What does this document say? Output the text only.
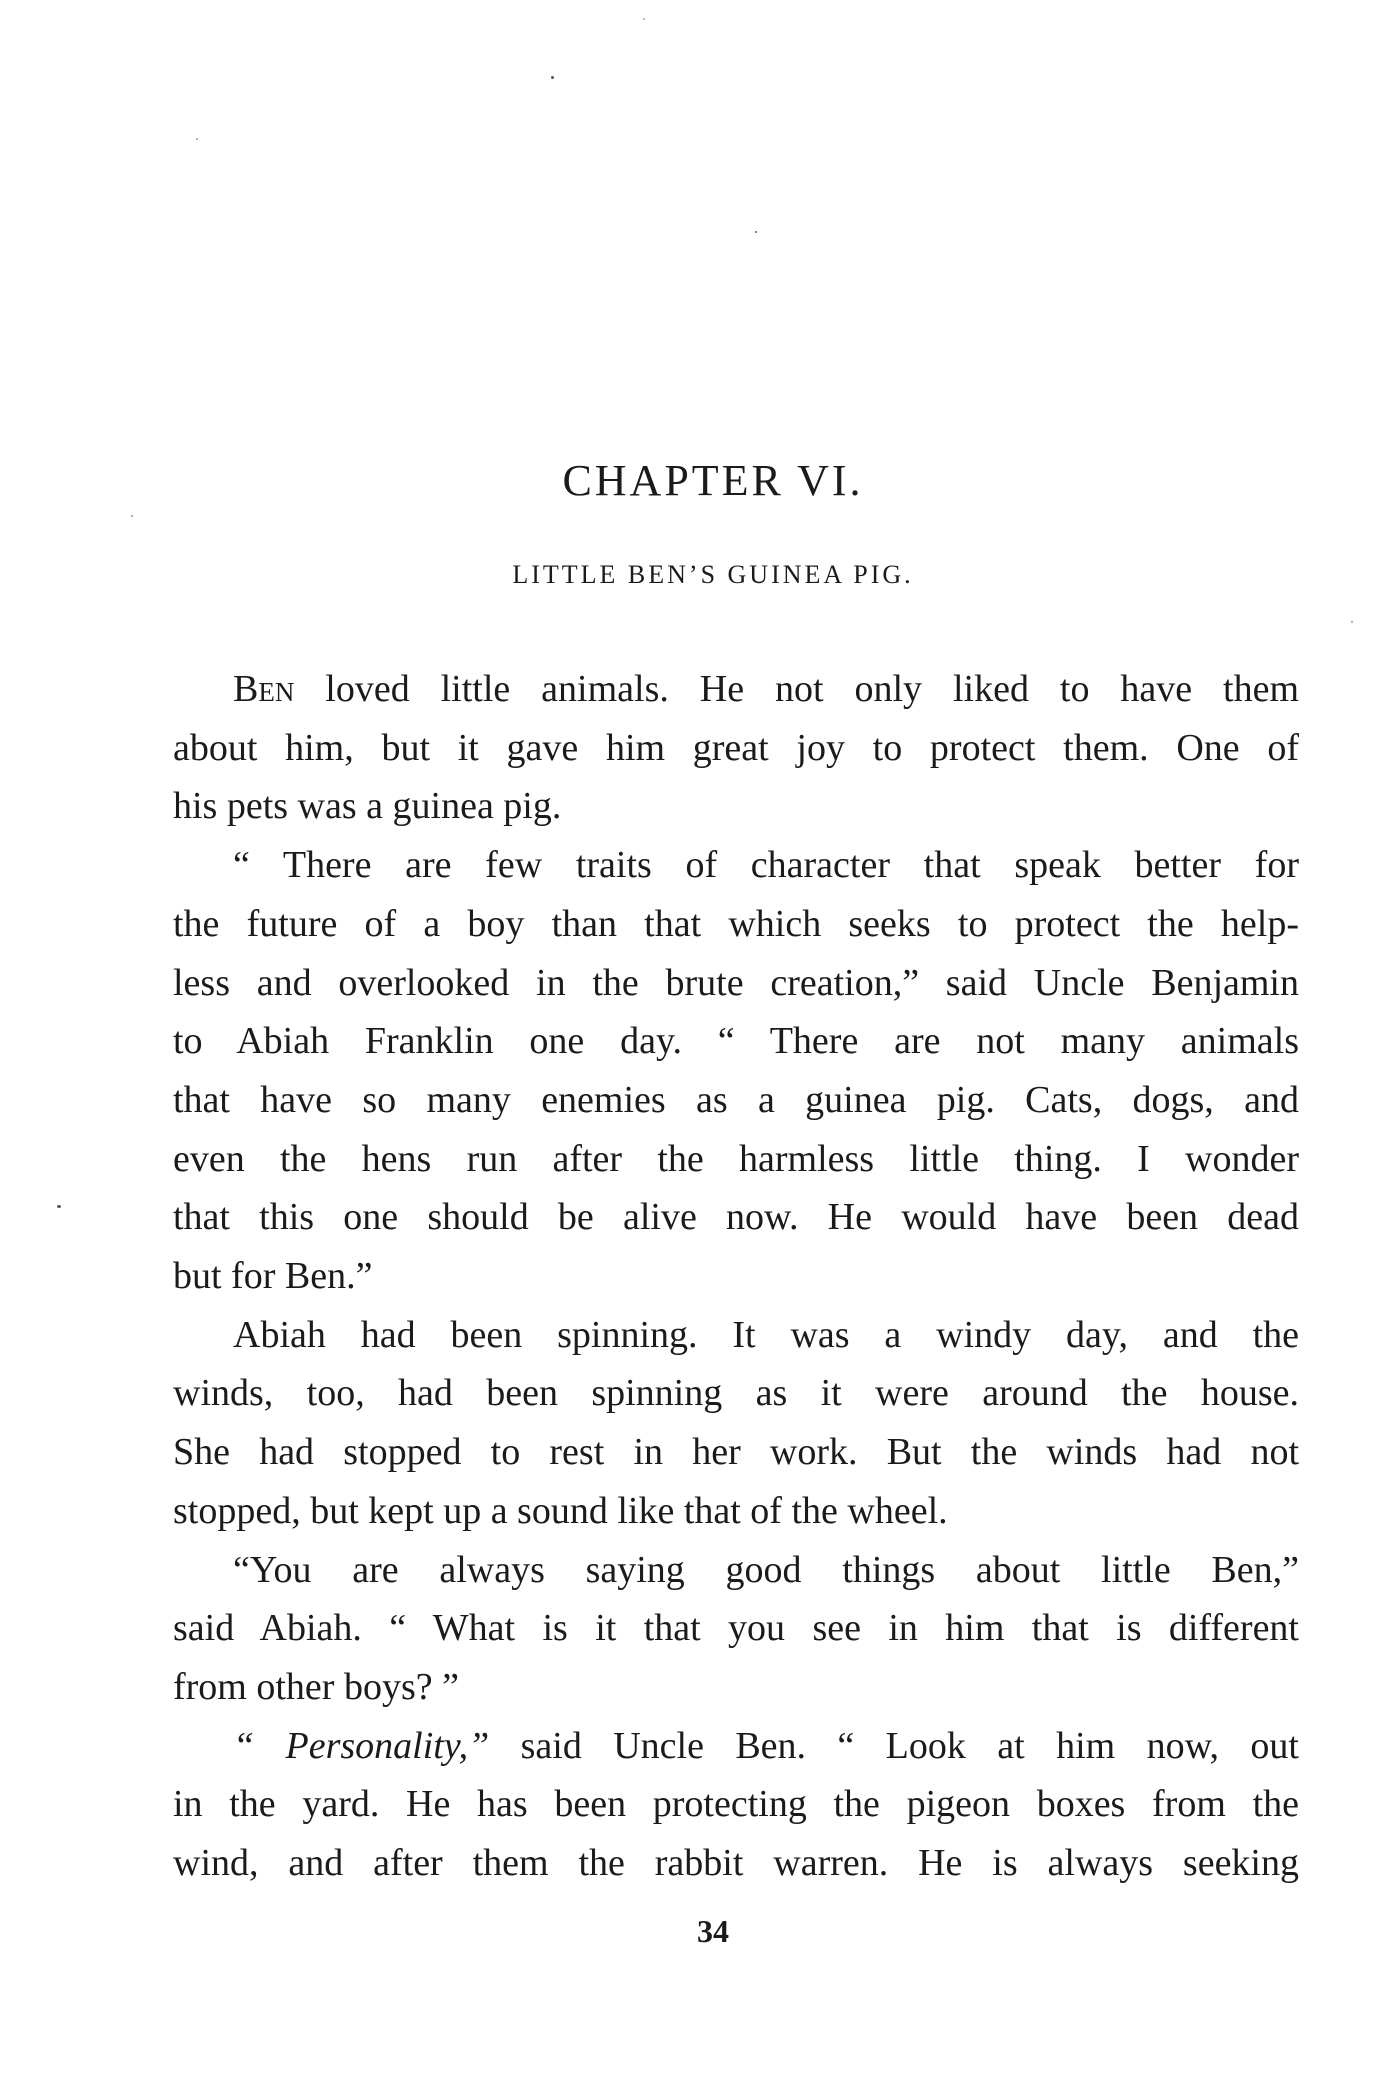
CHAPTER VI.
LITTLE BEN’S GUINEA PIG.
Ben loved little animals. He not only liked to have them
about him, but it gave him great joy to protect them. One of
his pets was a guinea pig.
“ There are few traits of character that speak better for
the future of a boy than that which seeks to protect the help-
less and overlooked in the brute creation,” said Uncle Benjamin
to Abiah Franklin one day. “ There are not many animals
that have so many enemies as a guinea pig. Cats, dogs, and
even the hens run after the harmless little thing. I wonder
that this one should be alive now. He would have been dead
but for Ben.”
Abiah had been spinning. It was a windy day, and the
winds, too, had been spinning as it were around the house.
She had stopped to rest in her work. But the winds had not
stopped, but kept up a sound like that of the wheel.
“You are always saying good things about little Ben,”
said Abiah. “ What is it that you see in him that is different
from other boys? ”
“ Personality,” said Uncle Ben. “ Look at him now, out
in the yard. He has been protecting the pigeon boxes from the
wind, and after them the rabbit warren. He is always seeking
34
